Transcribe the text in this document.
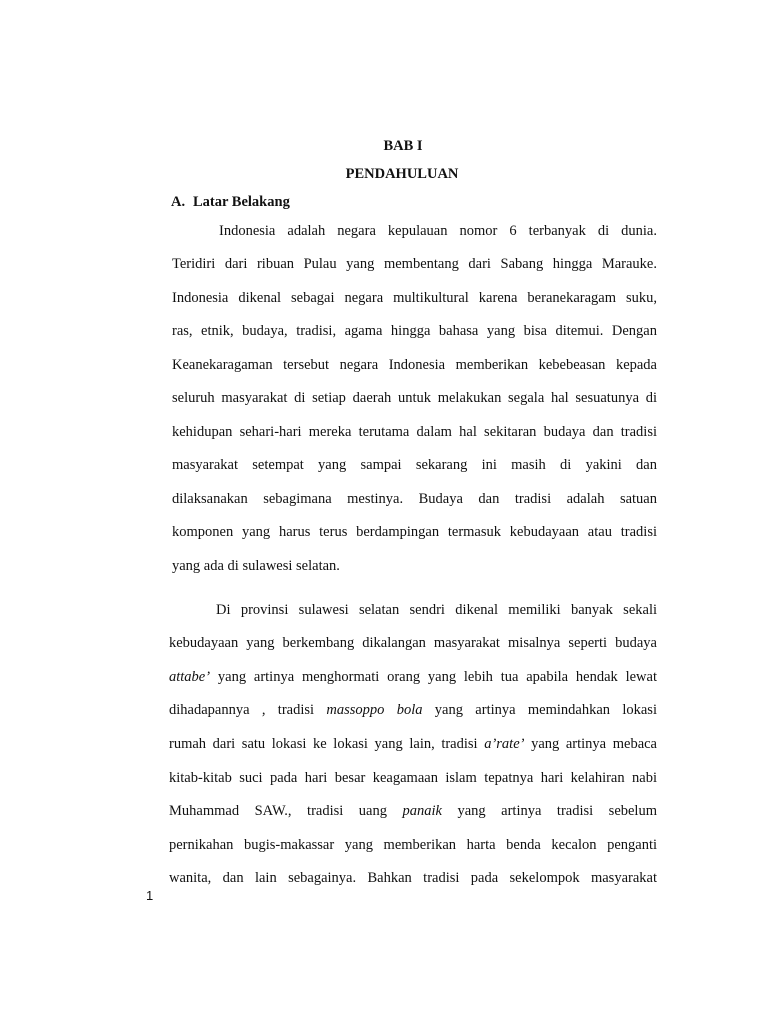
BAB I
PENDAHULUAN
A. Latar Belakang
Indonesia adalah negara kepulauan nomor 6 terbanyak di dunia.
Teridiri dari ribuan Pulau yang membentang dari Sabang hingga Marauke.
Indonesia dikenal sebagai negara multikultural karena beranekaragam suku,
ras, etnik, budaya, tradisi, agama hingga bahasa yang bisa ditemui. Dengan
Keanekaragaman tersebut negara Indonesia memberikan kebebeasan kepada
seluruh masyarakat di setiap daerah untuk melakukan segala hal sesuatunya di
kehidupan sehari-hari mereka terutama dalam hal sekitaran budaya dan tradisi
masyarakat setempat yang sampai sekarang ini masih di yakini dan
dilaksanakan sebagimana mestinya. Budaya dan tradisi adalah satuan
komponen yang harus terus berdampingan termasuk kebudayaan atau tradisi
yang ada di sulawesi selatan.
Di provinsi sulawesi selatan sendri dikenal memiliki banyak sekali
kebudayaan yang berkembang dikalangan masyarakat misalnya seperti budaya
attabe’ yang artinya menghormati orang yang lebih tua apabila hendak lewat
dihadapannya , tradisi massoppo bola yang artinya memindahkan lokasi
rumah dari satu lokasi ke lokasi yang lain, tradisi a’rate’ yang artinya mebaca
kitab-kitab suci pada hari besar keagamaan islam tepatnya hari kelahiran nabi
Muhammad SAW., tradisi uang panaik yang artinya tradisi sebelum
pernikahan bugis-makassar yang memberikan harta benda kecalon penganti
wanita, dan lain sebagainya. Bahkan tradisi pada sekelompok masyarakat
1
